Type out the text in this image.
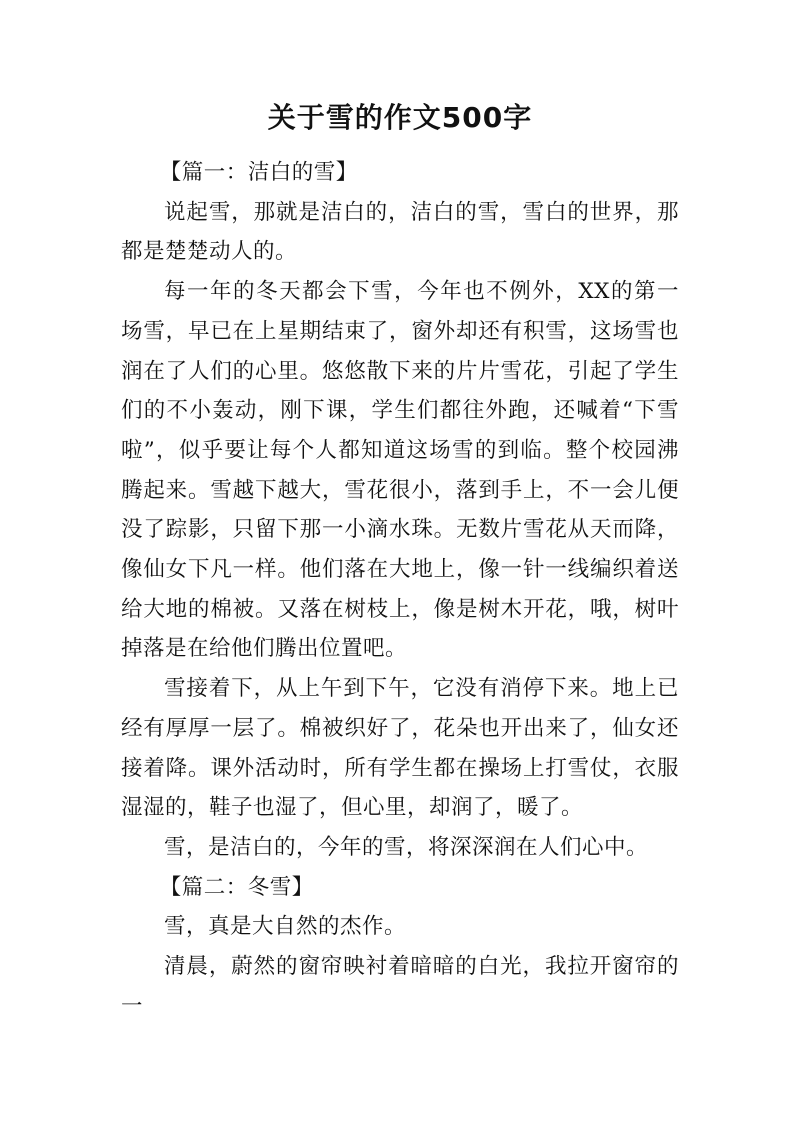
关于雪的作文500字

【篇一：洁白的雪】

说起雪，那就是洁白的，洁白的雪，雪白的世界，那都是楚楚动人的。

每一年的冬天都会下雪，今年也不例外，XX的第一场雪，早已在上星期结束了，窗外却还有积雪，这场雪也润在了人们的心里。悠悠散下来的片片雪花，引起了学生们的不小轰动，刚下课，学生们都往外跑，还喊着“下雪啦”，似乎要让每个人都知道这场雪的到临。整个校园沸腾起来。雪越下越大，雪花很小，落到手上，不一会儿便没了踪影，只留下那一小滴水珠。无数片雪花从天而降，像仙女下凡一样。他们落在大地上，像一针一线编织着送给大地的棉被。又落在树枝上，像是树木开花，哦，树叶掉落是在给他们腾出位置吧。

雪接着下，从上午到下午，它没有消停下来。地上已经有厚厚一层了。棉被织好了，花朵也开出来了，仙女还接着降。课外活动时，所有学生都在操场上打雪仗，衣服湿湿的，鞋子也湿了，但心里，却润了，暖了。

雪，是洁白的，今年的雪，将深深润在人们心中。

【篇二：冬雪】

雪，真是大自然的杰作。

清晨，蔚然的窗帘映衬着暗暗的白光，我拉开窗帘的一
